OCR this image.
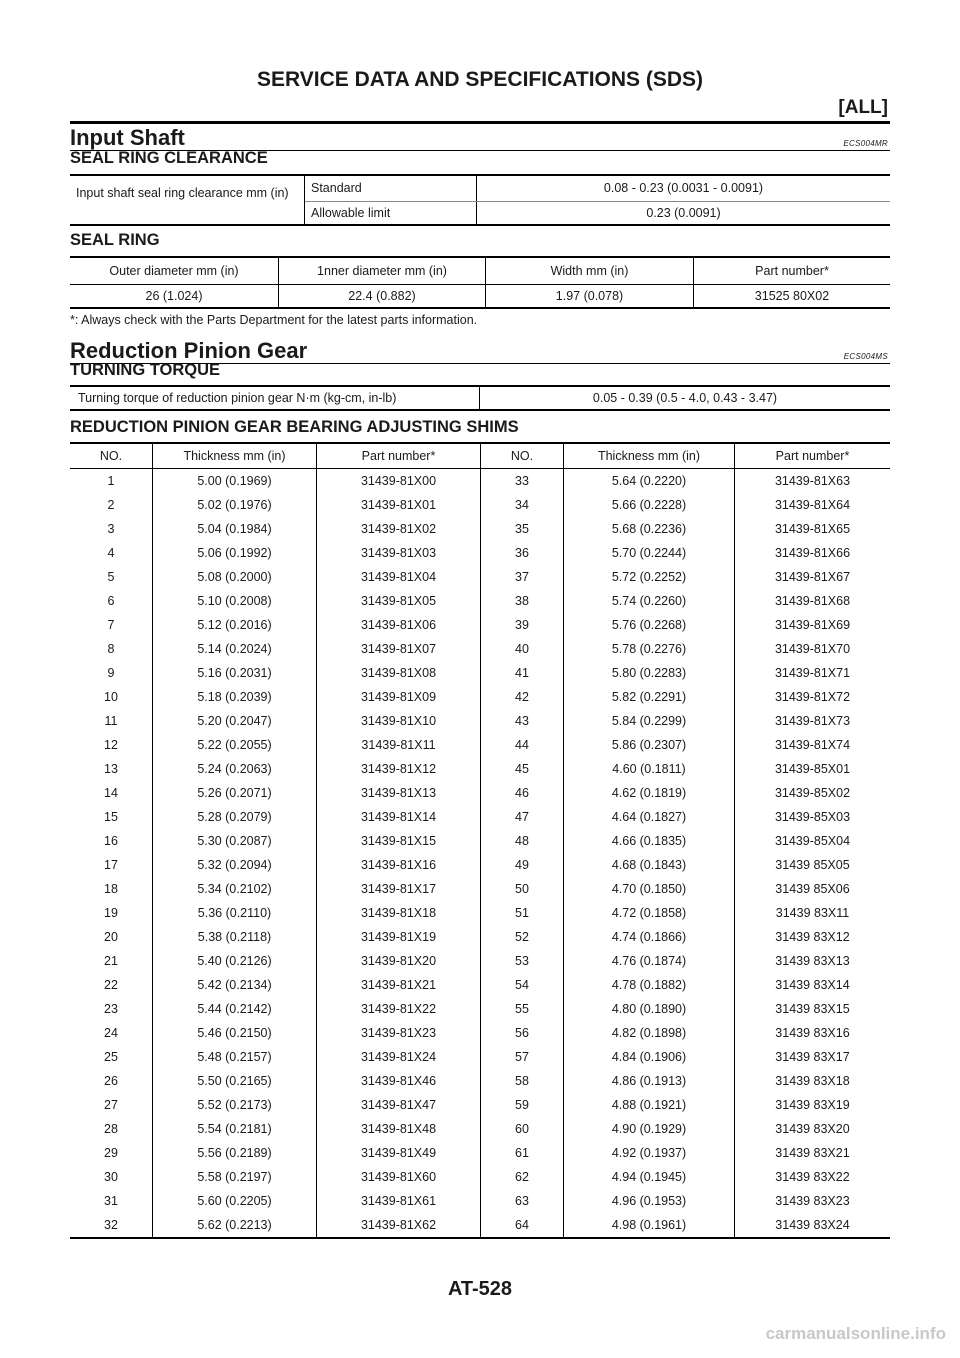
SERVICE DATA AND SPECIFICATIONS (SDS)
[ALL]
Input Shaft	ECS004MR
SEAL RING CLEARANCE
Input shaft seal ring clearance mm (in)	Standard	0.08 - 0.23 (0.0031 - 0.0091)
	Allowable limit	0.23 (0.0091)
SEAL RING
Outer diameter mm (in)	1nner diameter mm (in)	Width mm (in)	Part number*
26 (1.024)	22.4 (0.882)	1.97 (0.078)	31525 80X02
*: Always check with the Parts Department for the latest parts information.
Reduction Pinion Gear	ECS004MS
TURNING TORQUE
Turning torque of reduction pinion gear N·m (kg-cm, in-lb)	0.05 - 0.39 (0.5 - 4.0, 0.43 - 3.47)
REDUCTION PINION GEAR BEARING ADJUSTING SHIMS
NO.	Thickness mm (in)	Part number*	NO.	Thickness mm (in)	Part number*
1	5.00 (0.1969)	31439-81X00	33	5.64 (0.2220)	31439-81X63
2	5.02 (0.1976)	31439-81X01	34	5.66 (0.2228)	31439-81X64
3	5.04 (0.1984)	31439-81X02	35	5.68 (0.2236)	31439-81X65
4	5.06 (0.1992)	31439-81X03	36	5.70 (0.2244)	31439-81X66
5	5.08 (0.2000)	31439-81X04	37	5.72 (0.2252)	31439-81X67
6	5.10 (0.2008)	31439-81X05	38	5.74 (0.2260)	31439-81X68
7	5.12 (0.2016)	31439-81X06	39	5.76 (0.2268)	31439-81X69
8	5.14 (0.2024)	31439-81X07	40	5.78 (0.2276)	31439-81X70
9	5.16 (0.2031)	31439-81X08	41	5.80 (0.2283)	31439-81X71
10	5.18 (0.2039)	31439-81X09	42	5.82 (0.2291)	31439-81X72
11	5.20 (0.2047)	31439-81X10	43	5.84 (0.2299)	31439-81X73
12	5.22 (0.2055)	31439-81X11	44	5.86 (0.2307)	31439-81X74
13	5.24 (0.2063)	31439-81X12	45	4.60 (0.1811)	31439-85X01
14	5.26 (0.2071)	31439-81X13	46	4.62 (0.1819)	31439-85X02
15	5.28 (0.2079)	31439-81X14	47	4.64 (0.1827)	31439-85X03
16	5.30 (0.2087)	31439-81X15	48	4.66 (0.1835)	31439-85X04
17	5.32 (0.2094)	31439-81X16	49	4.68 (0.1843)	31439 85X05
18	5.34 (0.2102)	31439-81X17	50	4.70 (0.1850)	31439 85X06
19	5.36 (0.2110)	31439-81X18	51	4.72 (0.1858)	31439 83X11
20	5.38 (0.2118)	31439-81X19	52	4.74 (0.1866)	31439 83X12
21	5.40 (0.2126)	31439-81X20	53	4.76 (0.1874)	31439 83X13
22	5.42 (0.2134)	31439-81X21	54	4.78 (0.1882)	31439 83X14
23	5.44 (0.2142)	31439-81X22	55	4.80 (0.1890)	31439 83X15
24	5.46 (0.2150)	31439-81X23	56	4.82 (0.1898)	31439 83X16
25	5.48 (0.2157)	31439-81X24	57	4.84 (0.1906)	31439 83X17
26	5.50 (0.2165)	31439-81X46	58	4.86 (0.1913)	31439 83X18
27	5.52 (0.2173)	31439-81X47	59	4.88 (0.1921)	31439 83X19
28	5.54 (0.2181)	31439-81X48	60	4.90 (0.1929)	31439 83X20
29	5.56 (0.2189)	31439-81X49	61	4.92 (0.1937)	31439 83X21
30	5.58 (0.2197)	31439-81X60	62	4.94 (0.1945)	31439 83X22
31	5.60 (0.2205)	31439-81X61	63	4.96 (0.1953)	31439 83X23
32	5.62 (0.2213)	31439-81X62	64	4.98 (0.1961)	31439 83X24
AT-528
carmanualsonline.info
